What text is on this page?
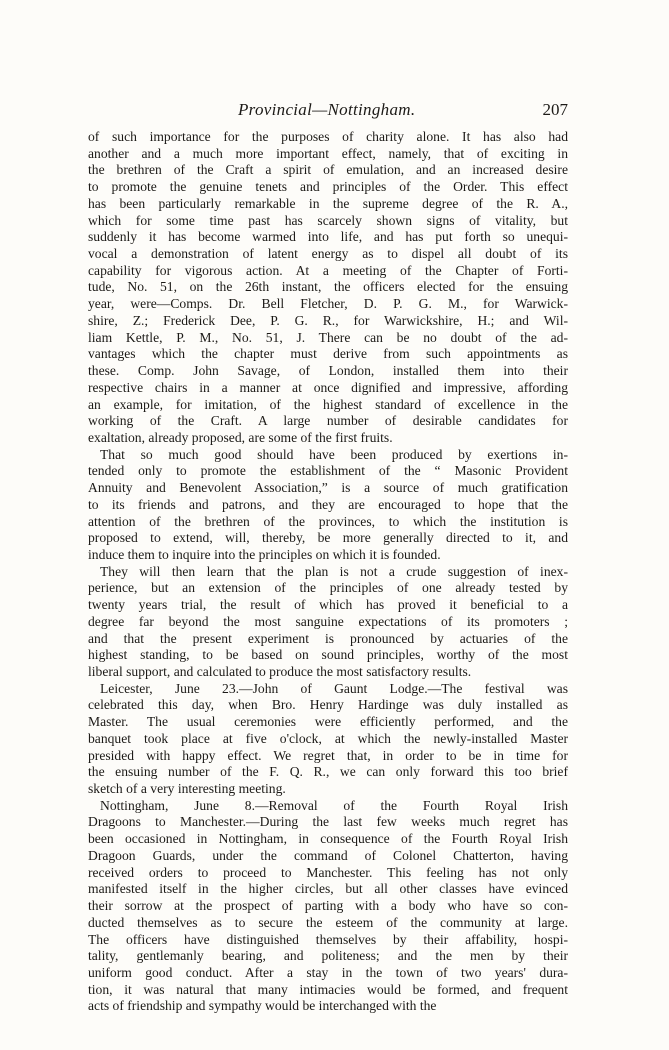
Provincial—Nottingham.	207
of such importance for the purposes of charity alone. It has also had
another and a much more important effect, namely, that of exciting in
the brethren of the Craft a spirit of emulation, and an increased desire
to promote the genuine tenets and principles of the Order. This effect
has been particularly remarkable in the supreme degree of the R. A.,
which for some time past has scarcely shown signs of vitality, but
suddenly it has become warmed into life, and has put forth so unequi-
vocal a demonstration of latent energy as to dispel all doubt of its
capability for vigorous action. At a meeting of the Chapter of Forti-
tude, No. 51, on the 26th instant, the officers elected for the ensuing
year, were—Comps. Dr. Bell Fletcher, D. P. G. M., for Warwick-
shire, Z.; Frederick Dee, P. G. R., for Warwickshire, H.; and Wil-
liam Kettle, P. M., No. 51, J. There can be no doubt of the ad-
vantages which the chapter must derive from such appointments as
these. Comp. John Savage, of London, installed them into their
respective chairs in a manner at once dignified and impressive, affording
an example, for imitation, of the highest standard of excellence in the
working of the Craft. A large number of desirable candidates for
exaltation, already proposed, are some of the first fruits.
That so much good should have been produced by exertions in-
tended only to promote the establishment of the “ Masonic Provident
Annuity and Benevolent Association,” is a source of much gratification
to its friends and patrons, and they are encouraged to hope that the
attention of the brethren of the provinces, to which the institution is
proposed to extend, will, thereby, be more generally directed to it, and
induce them to inquire into the principles on which it is founded.
They will then learn that the plan is not a crude suggestion of inex-
perience, but an extension of the principles of one already tested by
twenty years trial, the result of which has proved it beneficial to a
degree far beyond the most sanguine expectations of its promoters ;
and that the present experiment is pronounced by actuaries of the
highest standing, to be based on sound principles, worthy of the most
liberal support, and calculated to produce the most satisfactory results.
Leicester, June 23.—John of Gaunt Lodge.—The festival was
celebrated this day, when Bro. Henry Hardinge was duly installed as
Master. The usual ceremonies were efficiently performed, and the
banquet took place at five o'clock, at which the newly-installed Master
presided with happy effect. We regret that, in order to be in time for
the ensuing number of the F. Q. R., we can only forward this too brief
sketch of a very interesting meeting.
Nottingham, June 8.—Removal of the Fourth Royal Irish
Dragoons to Manchester.—During the last few weeks much regret has
been occasioned in Nottingham, in consequence of the Fourth Royal Irish
Dragoon Guards, under the command of Colonel Chatterton, having
received orders to proceed to Manchester. This feeling has not only
manifested itself in the higher circles, but all other classes have evinced
their sorrow at the prospect of parting with a body who have so con-
ducted themselves as to secure the esteem of the community at large.
The officers have distinguished themselves by their affability, hospi-
tality, gentlemanly bearing, and politeness; and the men by their
uniform good conduct. After a stay in the town of two years' dura-
tion, it was natural that many intimacies would be formed, and frequent
acts of friendship and sympathy would be interchanged with the
